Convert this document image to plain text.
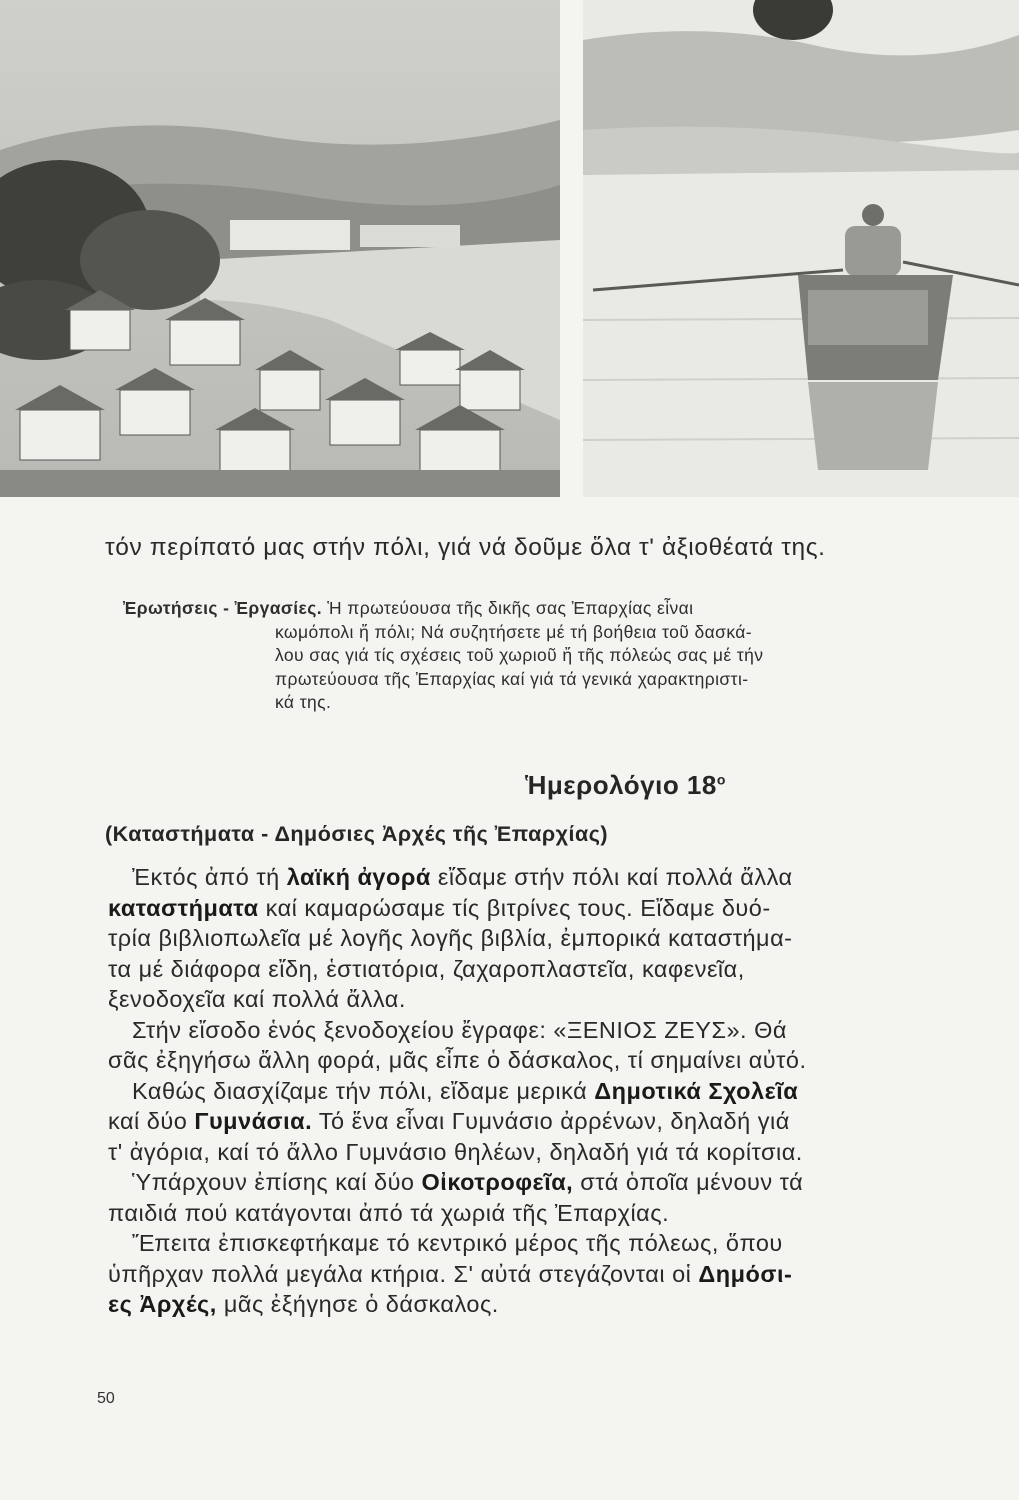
τόν περίπατό μας στήν πόλι, γιά νά δοῦμε ὅλα τ' ἀξιοθέατά της.
Ἐρωτήσεις - Ἐργασίες. Ἡ πρωτεύουσα τῆς δικῆς σας Ἐπαρχίας εἶναι
κωμόπολι ἤ πόλι; Νά συζητήσετε μέ τή βοήθεια τοῦ δασκά-
λου σας γιά τίς σχέσεις τοῦ χωριοῦ ἤ τῆς πόλεώς σας μέ τήν
πρωτεύουσα τῆς Ἐπαρχίας καί γιά τά γενικά χαρακτηριστι-
κά της.
Ἡμερολόγιο $18^o$
(Καταστήματα - Δημόσιες Ἀρχές τῆς Ἐπαρχίας)
Ἐκτός ἀπό τή λαϊκή ἀγορά εἴδαμε στήν πόλι καί πολλά ἄλλα
καταστήματα καί καμαρώσαμε τίς βιτρίνες τους. Εἴδαμε δυό-
τρία βιβλιοπωλεῖα μέ λογῆς λογῆς βιβλία, ἐμπορικά καταστήμα-
τα μέ διάφορα εἴδη, ἑστιατόρια, ζαχαροπλαστεῖα, καφενεῖα,
ξενοδοχεῖα καί πολλά ἄλλα.
Στήν εἴσοδο ἑνός ξενοδοχείου ἔγραφε: «ΞΕΝΙΟΣ ΖΕΥΣ». Θά
σᾶς ἐξηγήσω ἄλλη φορά, μᾶς εἶπε ὁ δάσκαλος, τί σημαίνει αὐτό.
Καθώς διασχίζαμε τήν πόλι, εἴδαμε μερικά Δημοτικά Σχολεῖα
καί δύο Γυμνάσια. Τό ἕνα εἶναι Γυμνάσιο ἀρρένων, δηλαδή γιά
τ' ἀγόρια, καί τό ἄλλο Γυμνάσιο θηλέων, δηλαδή γιά τά κορίτσια.
Ὑπάρχουν ἐπίσης καί δύο Οἰκοτροφεῖα, στά ὁποῖα μένουν τά
παιδιά πού κατάγονται ἀπό τά χωριά τῆς Ἐπαρχίας.
Ἔπειτα ἐπισκεφτήκαμε τό κεντρικό μέρος τῆς πόλεως, ὅπου
ὑπῆρχαν πολλά μεγάλα κτήρια. Σ' αὐτά στεγάζονται οἱ Δημόσι-
ες Ἀρχές, μᾶς ἐξήγησε ὁ δάσκαλος.
50
